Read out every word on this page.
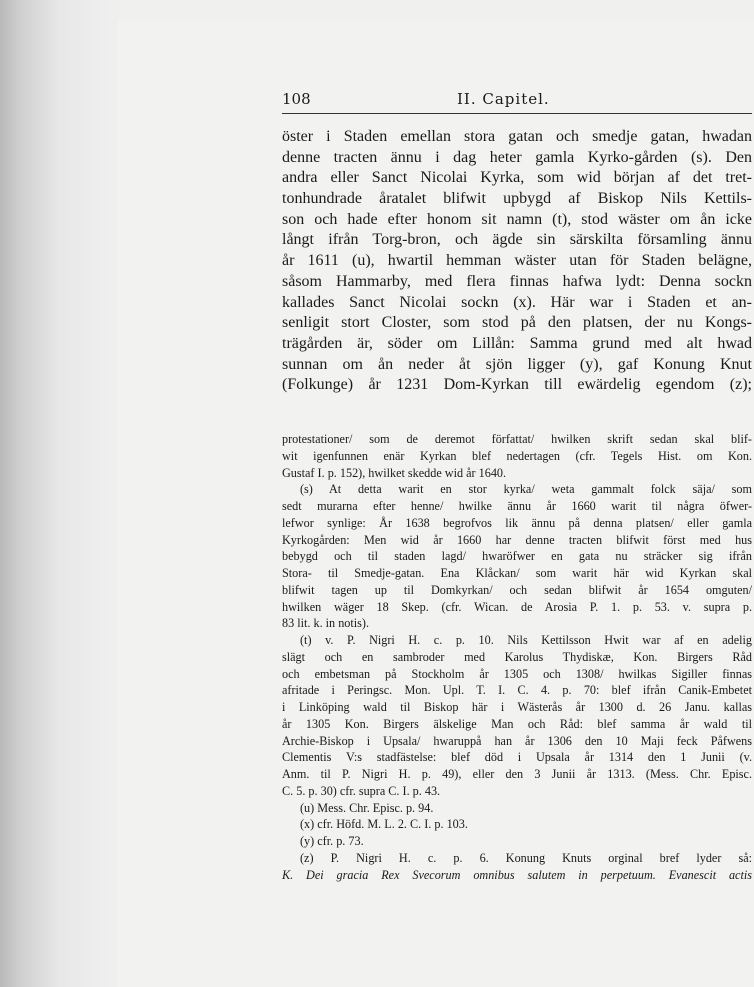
108	II. Capitel.
öster i Staden emellan stora gatan och smedje gatan, hwadan
denne tracten ännu i dag heter gamla Kyrko-gården (s). Den
andra eller Sanct Nicolai Kyrka, som wid början af det tret-
tonhundrade åratalet blifwit upbygd af Biskop Nils Kettils-
son och hade efter honom sit namn (t), stod wäster om ån icke
långt ifrån Torg-bron, och ägde sin särskilta församling ännu
år 1611 (u), hwartil hemman wäster utan för Staden belägne,
såsom Hammarby, med flera finnas hafwa lydt: Denna sockn
kallades Sanct Nicolai sockn (x). Här war i Staden et an-
senligit stort Closter, som stod på den platsen, der nu Kongs-
trägården är, söder om Lillån: Samma grund med alt hwad
sunnan om ån neder åt sjön ligger (y), gaf Konung Knut
(Folkunge) år 1231 Dom-Kyrkan till ewärdelig egendom (z);
protestationer/ som de deremot författat/ hwilken skrift sedan skal blif-
wit igenfunnen enär Kyrkan blef nedertagen (cfr. Tegels Hist. om Kon.
Gustaf I. p. 152), hwilket skedde wid år 1640.
(s) At detta warit en stor kyrka/ weta gammalt folck säja/ som
sedt murarna efter henne/ hwilke ännu år 1660 warit til några öfwer-
lefwor synlige: År 1638 begrofvos lik ännu på denna platsen/ eller gamla
Kyrkogården: Men wid år 1660 har denne tracten blifwit först med hus
bebygd och til staden lagd/ hwaröfwer en gata nu sträcker sig ifrån
Stora- til Smedje-gatan. Ena Klåckan/ som warit här wid Kyrkan skal
blifwit tagen up til Domkyrkan/ och sedan blifwit år 1654 omguten/
hwilken wäger 18 Skep. (cfr. Wican. de Arosia P. 1. p. 53. v. supra p.
83 lit. k. in notis).
(t) v. P. Nigri H. c. p. 10. Nils Kettilsson Hwit war af en adelig
slägt och en sambroder med Karolus Thydiskæ, Kon. Birgers Råd
och embetsman på Stockholm år 1305 och 1308/ hwilkas Sigiller finnas
afritade i Peringsc. Mon. Upl. T. I. C. 4. p. 70: blef ifrån Canik-Embetet
i Linköping wald til Biskop här i Wästerås år 1300 d. 26 Janu. kallas
år 1305 Kon. Birgers älskelige Man och Råd: blef samma år wald til
Archie-Biskop i Upsala/ hwaruppå han år 1306 den 10 Maji feck Påfwens
Clementis V:s stadfästelse: blef död i Upsala år 1314 den 1 Junii (v.
Anm. til P. Nigri H. p. 49), eller den 3 Junii år 1313. (Mess. Chr. Episc.
C. 5. p. 30) cfr. supra C. I. p. 43.
(u) Mess. Chr. Episc. p. 94.
(x) cfr. Höfd. M. L. 2. C. I. p. 103.
(y) cfr. p. 73.
(z) P. Nigri H. c. p. 6. Konung Knuts orginal bref lyder så:
K. Dei gracia Rex Svecorum omnibus salutem in perpetuum. Evanescit actis
